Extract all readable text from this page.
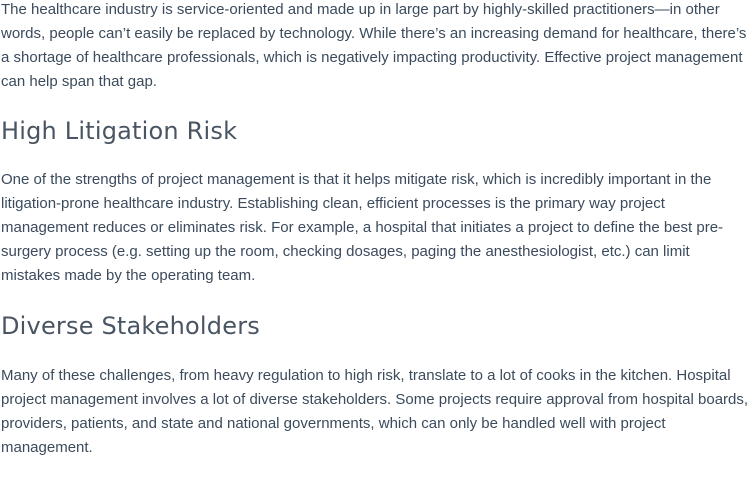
The healthcare industry is service-oriented and made up in large part by highly-skilled practitioners—in other words, people can’t easily be replaced by technology. While there’s an increasing demand for healthcare, there’s a shortage of healthcare professionals, which is negatively impacting productivity. Effective project management can help span that gap.

High Litigation Risk

One of the strengths of project management is that it helps mitigate risk, which is incredibly important in the litigation-prone healthcare industry. Establishing clean, efficient processes is the primary way project management reduces or eliminates risk. For example, a hospital that initiates a project to define the best pre-surgery process (e.g. setting up the room, checking dosages, paging the anesthesiologist, etc.) can limit mistakes made by the operating team.

Diverse Stakeholders

Many of these challenges, from heavy regulation to high risk, translate to a lot of cooks in the kitchen. Hospital project management involves a lot of diverse stakeholders. Some projects require approval from hospital boards, providers, patients, and state and national governments, which can only be handled well with project management.
